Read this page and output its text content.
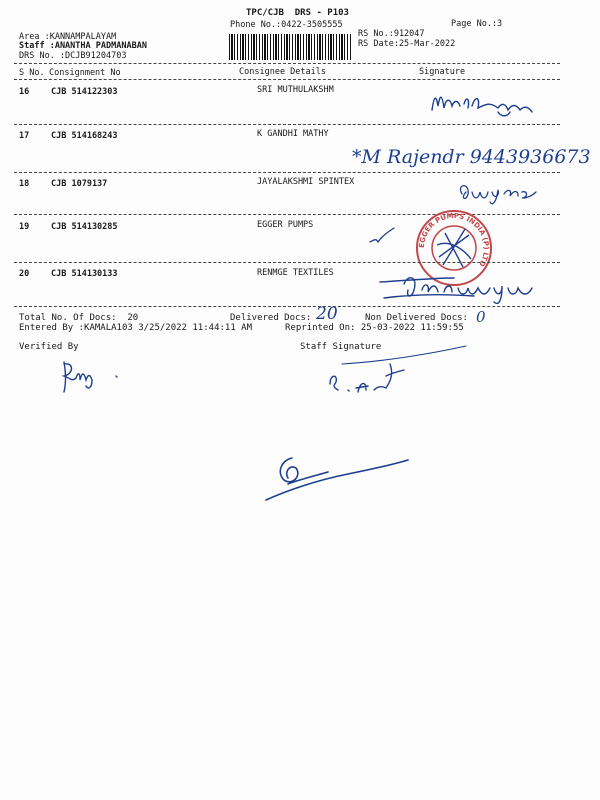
TPC/CJB  DRS - P103
Phone No.:0422-3505555	Page No.:3
Area :KANNAMPALAYAM
Staff :ANANTHA PADMANABAN
DRS No. :DCJB91204703
RS No.:912047
RS Date:25-Mar-2022
S No. Consignment No	Consignee Details	Signature
16	CJB 514122303	SRI MUTHULAKSHM
17	CJB 514168243	K GANDHI MATHY
*M Rajendr 9443936673
18	CJB 1079137	JAYALAKSHMI SPINTEX
19	CJB 514130285	EGGER PUMPS
EGGER PUMPS INDIA (P) LTD
20	CJB 514130133	RENMGE TEXTILES
Total No. Of Docs:  20	Delivered Docs: 20	Non Delivered Docs: 0
Entered By :KAMALA103 3/25/2022 11:44:11 AM	Reprinted On: 25-03-2022 11:59:55
Verified By	Staff Signature
